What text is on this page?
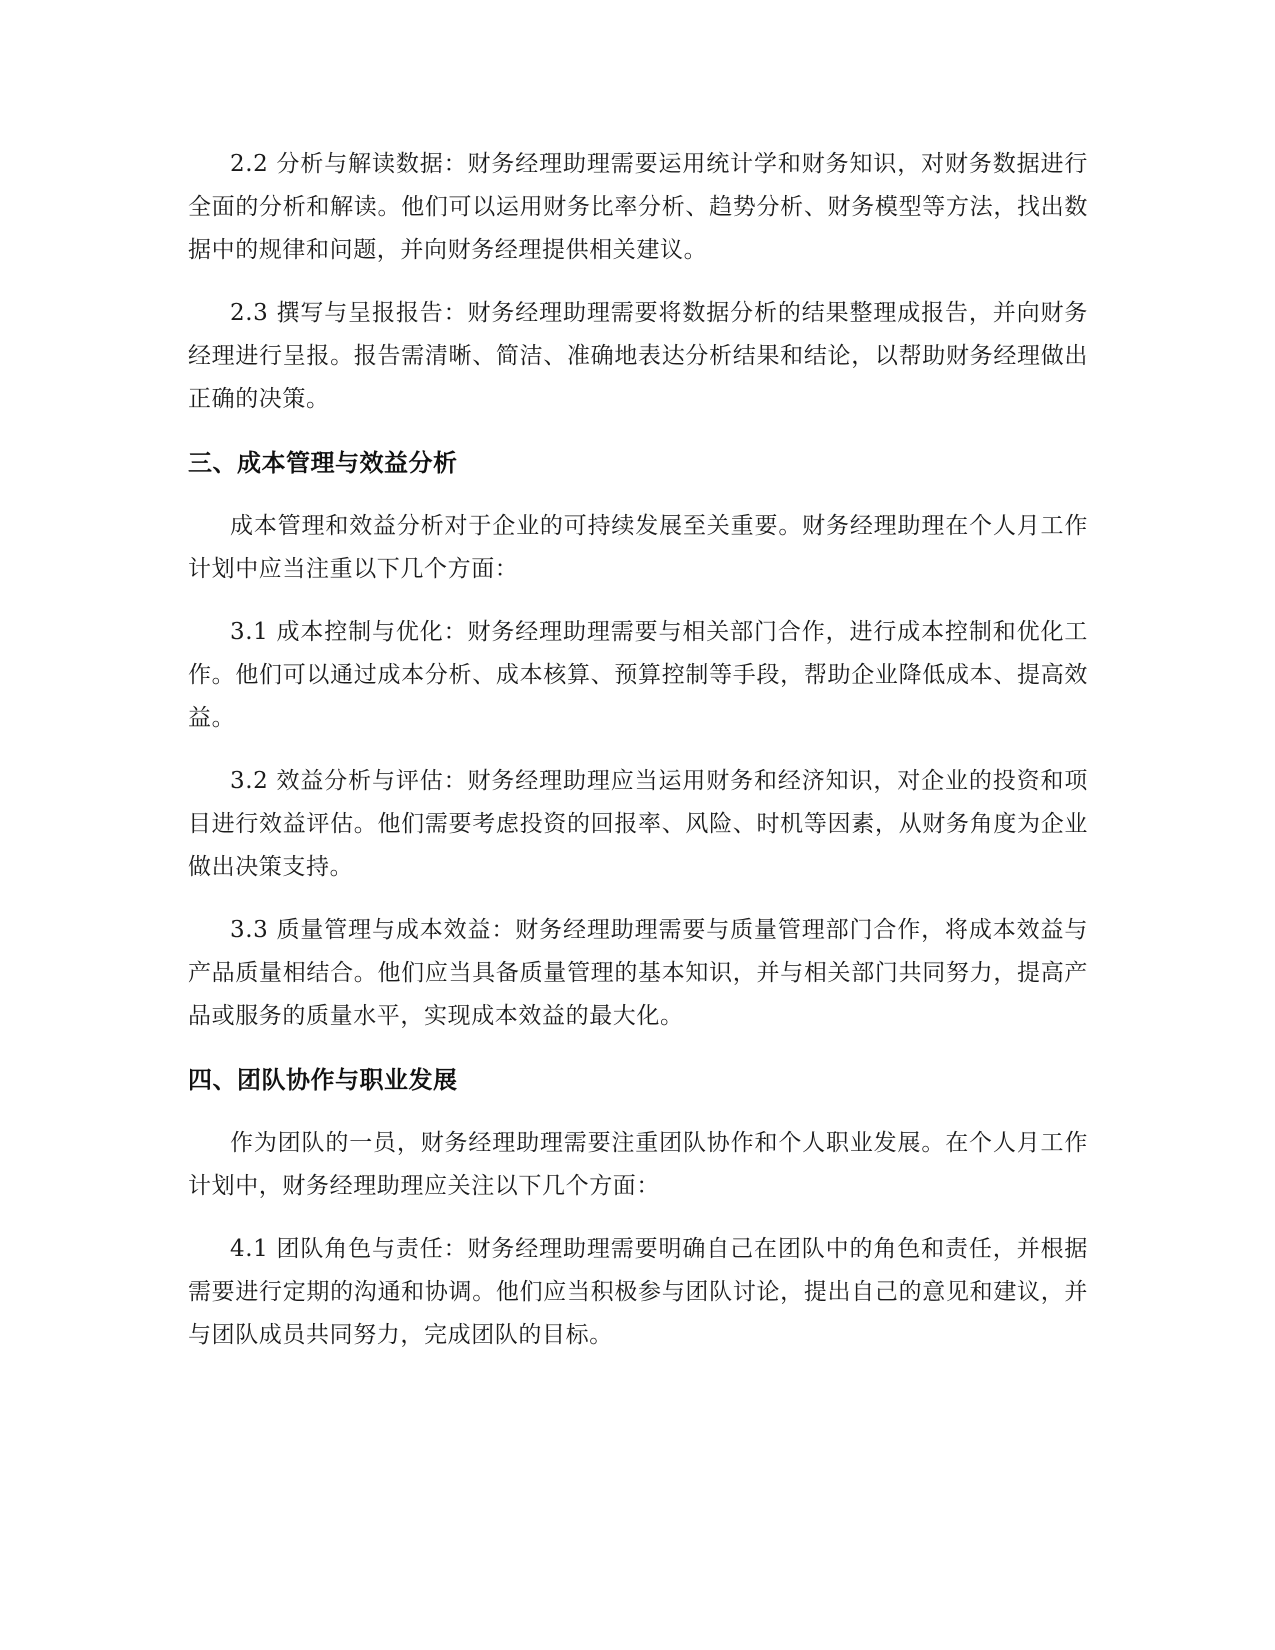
2.2 分析与解读数据：财务经理助理需要运用统计学和财务知识，对财务数据进行全面的分析和解读。他们可以运用财务比率分析、趋势分析、财务模型等方法，找出数据中的规律和问题，并向财务经理提供相关建议。

2.3 撰写与呈报报告：财务经理助理需要将数据分析的结果整理成报告，并向财务经理进行呈报。报告需清晰、简洁、准确地表达分析结果和结论，以帮助财务经理做出正确的决策。

三、成本管理与效益分析

成本管理和效益分析对于企业的可持续发展至关重要。财务经理助理在个人月工作计划中应当注重以下几个方面：

3.1 成本控制与优化：财务经理助理需要与相关部门合作，进行成本控制和优化工作。他们可以通过成本分析、成本核算、预算控制等手段，帮助企业降低成本、提高效益。

3.2 效益分析与评估：财务经理助理应当运用财务和经济知识，对企业的投资和项目进行效益评估。他们需要考虑投资的回报率、风险、时机等因素，从财务角度为企业做出决策支持。

3.3 质量管理与成本效益：财务经理助理需要与质量管理部门合作，将成本效益与产品质量相结合。他们应当具备质量管理的基本知识，并与相关部门共同努力，提高产品或服务的质量水平，实现成本效益的最大化。

四、团队协作与职业发展

作为团队的一员，财务经理助理需要注重团队协作和个人职业发展。在个人月工作计划中，财务经理助理应关注以下几个方面：

4.1 团队角色与责任：财务经理助理需要明确自己在团队中的角色和责任，并根据需要进行定期的沟通和协调。他们应当积极参与团队讨论，提出自己的意见和建议，并与团队成员共同努力，完成团队的目标。
